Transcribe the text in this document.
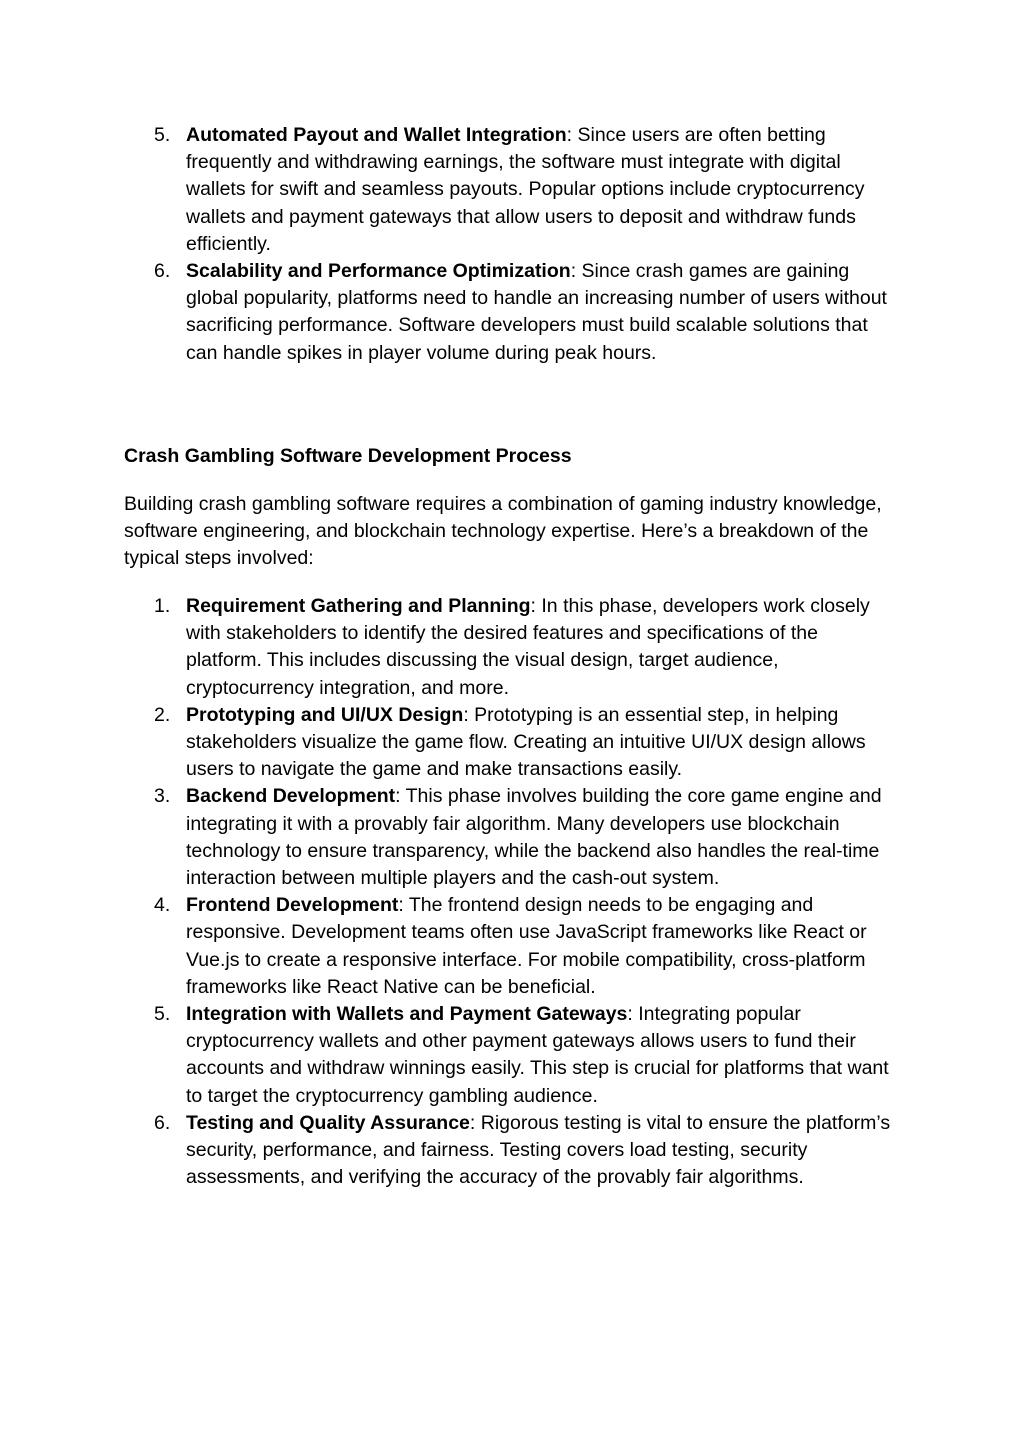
5. Automated Payout and Wallet Integration: Since users are often betting frequently and withdrawing earnings, the software must integrate with digital wallets for swift and seamless payouts. Popular options include cryptocurrency wallets and payment gateways that allow users to deposit and withdraw funds efficiently.
6. Scalability and Performance Optimization: Since crash games are gaining global popularity, platforms need to handle an increasing number of users without sacrificing performance. Software developers must build scalable solutions that can handle spikes in player volume during peak hours.
Crash Gambling Software Development Process

Building crash gambling software requires a combination of gaming industry knowledge, software engineering, and blockchain technology expertise. Here’s a breakdown of the typical steps involved:

1. Requirement Gathering and Planning: In this phase, developers work closely with stakeholders to identify the desired features and specifications of the platform. This includes discussing the visual design, target audience, cryptocurrency integration, and more.
2. Prototyping and UI/UX Design: Prototyping is an essential step, in helping stakeholders visualize the game flow. Creating an intuitive UI/UX design allows users to navigate the game and make transactions easily.
3. Backend Development: This phase involves building the core game engine and integrating it with a provably fair algorithm. Many developers use blockchain technology to ensure transparency, while the backend also handles the real-time interaction between multiple players and the cash-out system.
4. Frontend Development: The frontend design needs to be engaging and responsive. Development teams often use JavaScript frameworks like React or Vue.js to create a responsive interface. For mobile compatibility, cross-platform frameworks like React Native can be beneficial.
5. Integration with Wallets and Payment Gateways: Integrating popular cryptocurrency wallets and other payment gateways allows users to fund their accounts and withdraw winnings easily. This step is crucial for platforms that want to target the cryptocurrency gambling audience.
6. Testing and Quality Assurance: Rigorous testing is vital to ensure the platform’s security, performance, and fairness. Testing covers load testing, security assessments, and verifying the accuracy of the provably fair algorithms.
